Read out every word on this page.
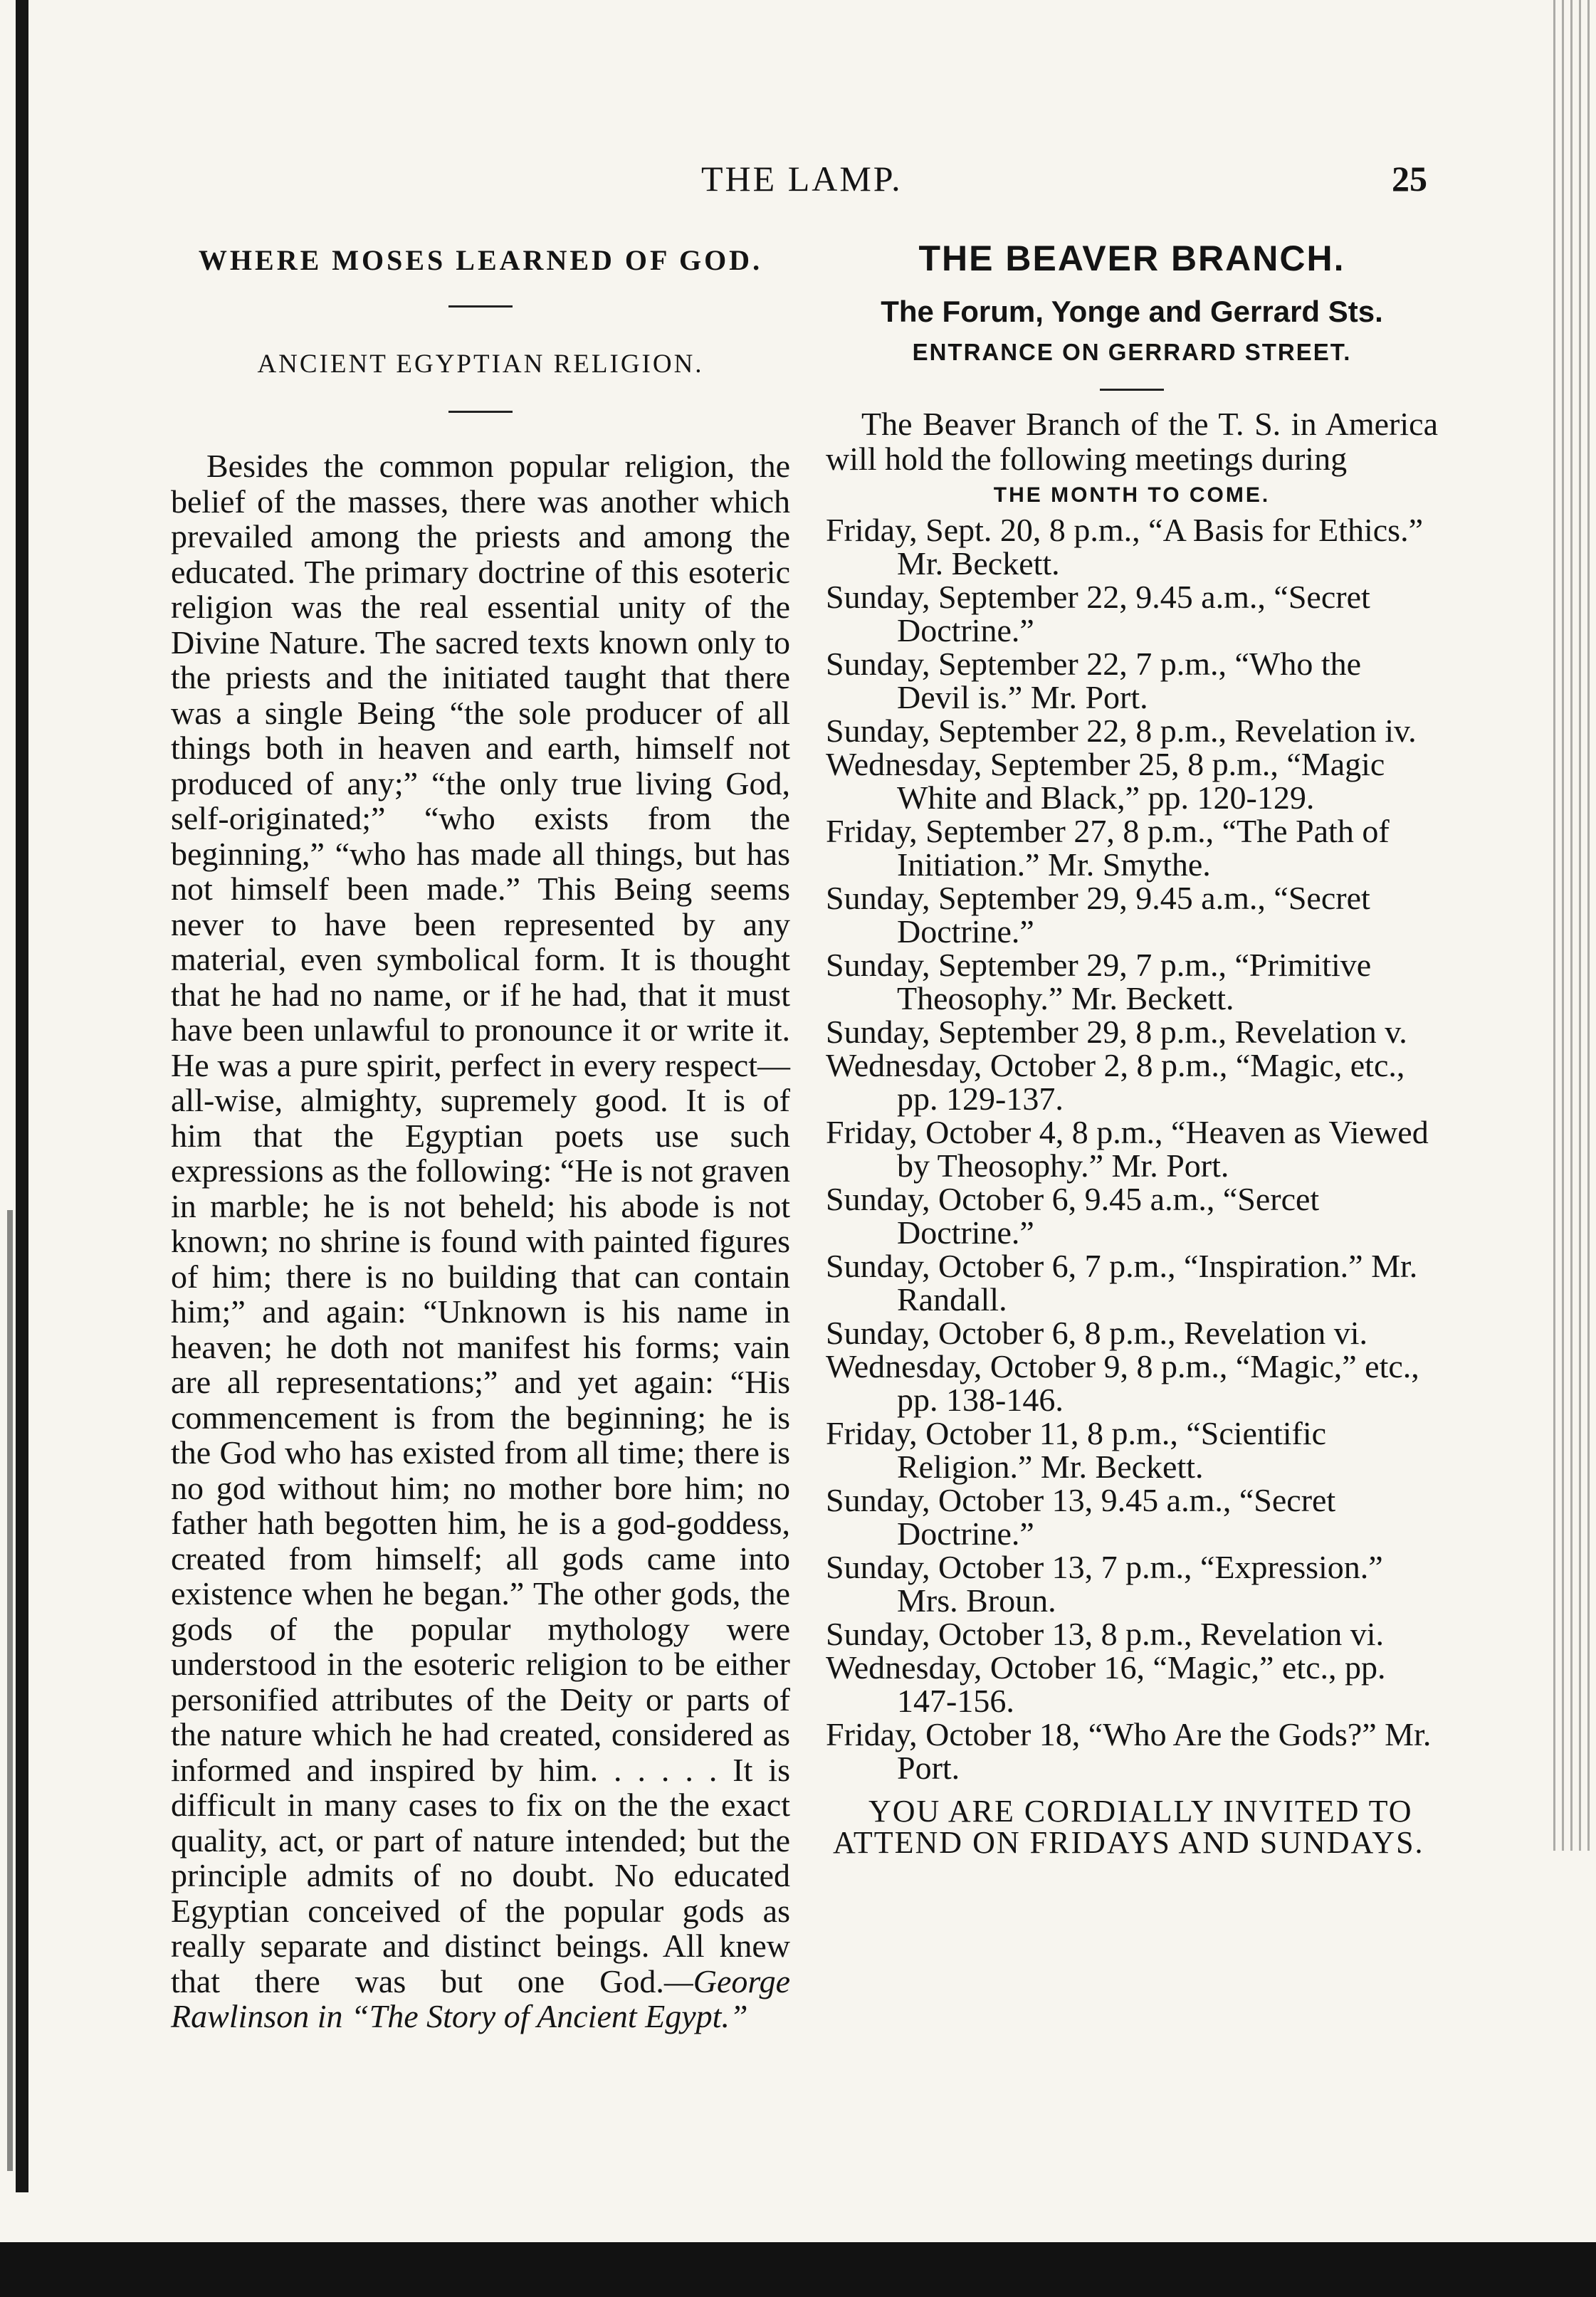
THE LAMP.	25

WHERE MOSES LEARNED OF GOD.

ANCIENT EGYPTIAN RELIGION.

Besides the common popular religion, the belief of the masses, there was another which prevailed among the priests and among the educated. The primary doctrine of this esoteric religion was the real essential unity of the Divine Nature. The sacred texts known only to the priests and the initiated taught that there was a single Being “the sole producer of all things both in heaven and earth, himself not produced of any;” “the only true living God, self-originated;” “who exists from the beginning,” “who has made all things, but has not himself been made.” This Being seems never to have been represented by any material, even symbolical form. It is thought that he had no name, or if he had, that it must have been unlawful to pronounce it or write it. He was a pure spirit, perfect in every respect—all-wise, almighty, supremely good. It is of him that the Egyptian poets use such expressions as the following: “He is not graven in marble; he is not beheld; his abode is not known; no shrine is found with painted figures of him; there is no building that can contain him;” and again: “Unknown is his name in heaven; he doth not manifest his forms; vain are all representations;” and yet again: “His commencement is from the beginning; he is the God who has existed from all time; there is no god without him; no mother bore him; no father hath begotten him, he is a god-goddess, created from himself; all gods came into existence when he began.” The other gods, the gods of the popular mythology were understood in the esoteric religion to be either personified attributes of the Deity or parts of the nature which he had created, considered as informed and inspired by him. . . . . . It is difficult in many cases to fix on the the exact quality, act, or part of nature intended; but the principle admits of no doubt. No educated Egyptian conceived of the popular gods as really separate and distinct beings. All knew that there was but one God.—George Rawlinson in “The Story of Ancient Egypt.”

THE BEAVER BRANCH.

The Forum, Yonge and Gerrard Sts.

ENTRANCE ON GERRARD STREET.

The Beaver Branch of the T. S. in America will hold the following meetings during

THE MONTH TO COME.

Friday, Sept. 20, 8 p.m., “A Basis for Ethics.” Mr. Beckett.
Sunday, September 22, 9.45 a.m., “Secret Doctrine.”
Sunday, September 22, 7 p.m., “Who the Devil is.” Mr. Port.
Sunday, September 22, 8 p.m., Revelation iv.
Wednesday, September 25, 8 p.m., “Magic White and Black,” pp. 120-129.
Friday, September 27, 8 p.m., “The Path of Initiation.” Mr. Smythe.
Sunday, September 29, 9.45 a.m., “Secret Doctrine.”
Sunday, September 29, 7 p.m., “Primitive Theosophy.” Mr. Beckett.
Sunday, September 29, 8 p.m., Revelation v.
Wednesday, October 2, 8 p.m., “Magic, etc., pp. 129-137.
Friday, October 4, 8 p.m., “Heaven as Viewed by Theosophy.” Mr. Port.
Sunday, October 6, 9.45 a.m., “Sercet Doctrine.”
Sunday, October 6, 7 p.m., “Inspiration.” Mr. Randall.
Sunday, October 6, 8 p.m., Revelation vi.
Wednesday, October 9, 8 p.m., “Magic,” etc., pp. 138-146.
Friday, October 11, 8 p.m., “Scientific Religion.” Mr. Beckett.
Sunday, October 13, 9.45 a.m., “Secret Doctrine.”
Sunday, October 13, 7 p.m., “Expression.” Mrs. Broun.
Sunday, October 13, 8 p.m., Revelation vi.
Wednesday, October 16, “Magic,” etc., pp. 147-156.
Friday, October 18, “Who Are the Gods?” Mr. Port.

YOU ARE CORDIALLY INVITED TO ATTEND ON FRIDAYS AND SUNDAYS.
